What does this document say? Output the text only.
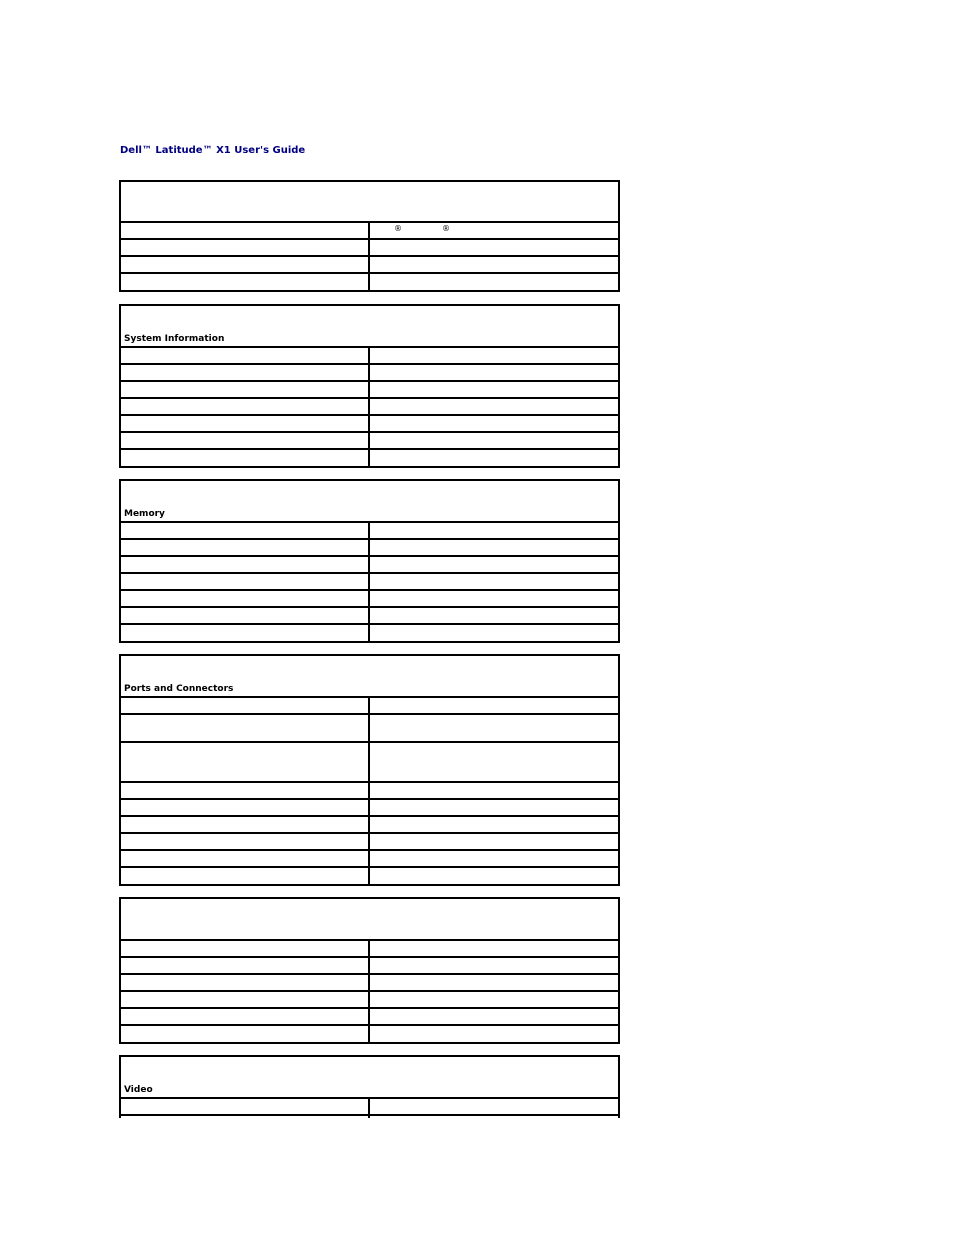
Dell™ Latitude™ X1 User's Guide
®	®
System Information
Memory
Ports and Connectors
Video
